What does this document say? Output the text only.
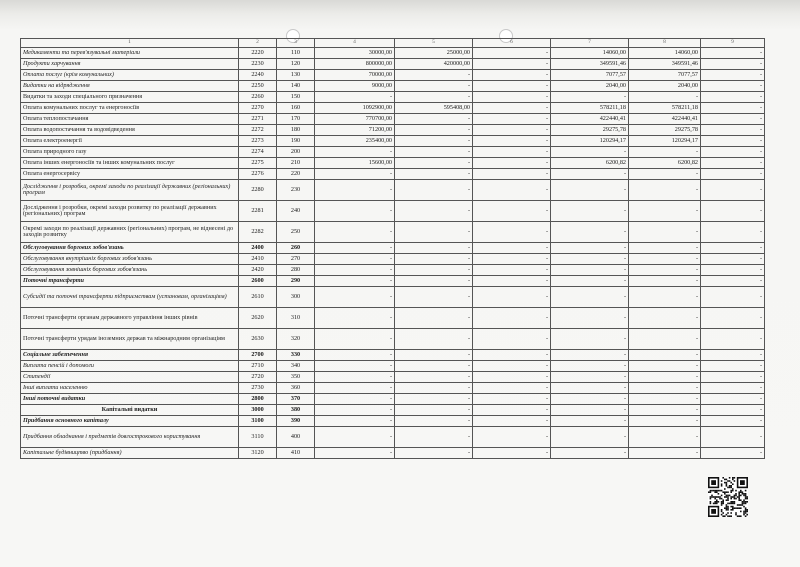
1	2	3	4	5	6	7	8	9
Медикаменти та перев'язувальні матеріали	2220	110	30000,00	25000,00	-	14060,00	14060,00	-
Продукти харчування	2230	120	800000,00	420000,00	-	349591,46	349591,46	-
Оплата послуг (крім комунальних)	2240	130	70000,00	-	-	7077,57	7077,57	-
Видатки на відрядження	2250	140	9000,00	-	-	2040,00	2040,00	-
Видатки та заходи спеціального призначення	2260	150	-	-	-	-	-	-
Оплата комунальних послуг та енергоносіїв	2270	160	1092900,00	595408,00	-	578211,18	578211,18	-
Оплата теплопостачання	2271	170	770700,00	-	-	422440,41	422440,41	-
Оплата водопостачання та водовідведення	2272	180	71200,00	-	-	29275,78	29275,78	-
Оплата електроенергії	2273	190	235400,00	-	-	120294,17	120294,17	-
Оплата природного газу	2274	200	-	-	-	-	-	-
Оплата інших енергоносіїв та інших комунальних послуг	2275	210	15600,00	-	-	6200,82	6200,82	-
Оплата енергосервісу	2276	220	-	-	-	-	-	-
Дослідження і розробки, окремі заходи по реалізації державних (регіональних) програм	2280	230	-	-	-	-	-	-
Дослідження і розробки, окремі заходи розвитку по реалізації державних (регіональних) програм	2281	240	-	-	-	-	-	-
Окремі заходи по реалізації державних (регіональних) програм, не віднесені до заходів розвитку	2282	250	-	-	-	-	-	-
Обслуговування боргових зобов'язань	2400	260	-	-	-	-	-	-
Обслуговування внутрішніх боргових зобов'язань	2410	270	-	-	-	-	-	-
Обслуговування зовнішніх боргових зобов'язань	2420	280	-	-	-	-	-	-
Поточні трансферти	2600	290	-	-	-	-	-	-
Субсидії та поточні трансферти підприємствам (установам, організаціям)	2610	300	-	-	-	-	-	-
Поточні трансферти органам державного управління інших рівнів	2620	310	-	-	-	-	-	-
Поточні трансферти урядам іноземних держав та міжнародним організаціям	2630	320	-	-	-	-	-	-
Соціальне забезпечення	2700	330	-	-	-	-	-	-
Виплата пенсій і допомоги	2710	340	-	-	-	-	-	-
Стипендії	2720	350	-	-	-	-	-	-
Інші виплати населенню	2730	360	-	-	-	-	-	-
Інші поточні видатки	2800	370	-	-	-	-	-	-
Капітальні видатки	3000	380	-	-	-	-	-	-
Придбання основного капіталу	3100	390	-	-	-	-	-	-
Придбання обладнання і предметів довгострокового користування	3110	400	-	-	-	-	-	-
Капітальне будівництво (придбання)	3120	410	-	-	-	-	-	-
